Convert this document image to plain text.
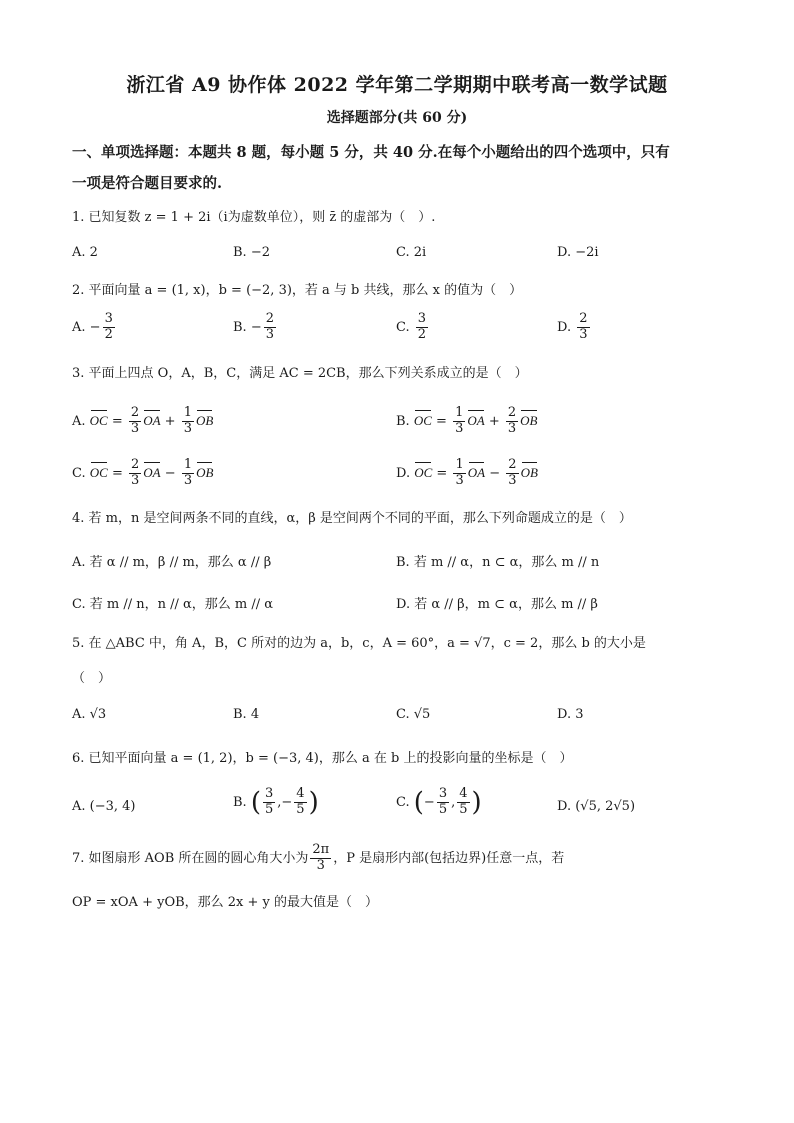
浙江省 A9 协作体 2022 学年第二学期期中联考高一数学试题
选择题部分(共 60 分)
一、单项选择题：本题共 8 题，每小题 5 分，共 40 分.在每个小题给出的四个选项中，只有
一项是符合题目要求的.
1. 已知复数 z = 1 + 2i（i为虚数单位），则 z̄ 的虚部为（　）.
A. 2	B. −2	C. 2i	D. −2i
2. 平面向量 a = (1, x)，b = (−2, 3)，若 a 与 b 共线，那么 x 的值为（　）
A. − $\frac{3}{2}$	B. − $\frac{2}{3}$	C. $\frac{3}{2}$	D. $\frac{2}{3}$
3. 平面上四点 O，A，B，C，满足 AC = 2CB，那么下列关系成立的是（　）
A. OC = $\frac{2}{3}$ OA + $\frac{1}{3}$ OB	B. OC = $\frac{1}{3}$ OA + $\frac{2}{3}$ OB
C. OC = $\frac{2}{3}$ OA − $\frac{1}{3}$ OB	D. OC = $\frac{1}{3}$ OA − $\frac{2}{3}$ OB
4. 若 m，n 是空间两条不同的直线，α，β 是空间两个不同的平面，那么下列命题成立的是（　）
A. 若 α // m，β // m，那么 α // β	B. 若 m // α，n ⊂ α，那么 m // n
C. 若 m // n，n // α，那么 m // α	D. 若 α // β，m ⊂ α，那么 m // β
5. 在 △ABC 中，角 A，B，C 所对的边为 a，b，c，A = 60°，a = √7，c = 2，那么 b 的大小是
（　）
A. √3	B. 4	C. √5	D. 3
6. 已知平面向量 a = (1, 2)，b = (−3, 4)，那么 a 在 b 上的投影向量的坐标是（　）
A. (−3, 4)	B. ( $\frac{3}{5}$ ,− $\frac{4}{5}$ )	C. (− $\frac{3}{5}$ , $\frac{4}{5}$ )	D. (√5, 2√5)
7. 如图扇形 AOB 所在圆的圆心角大小为 $\frac{2\pi}{3}$ ，P 是扇形内部(包括边界)任意一点，若
OP = xOA + yOB，那么 2x + y 的最大值是（　）
